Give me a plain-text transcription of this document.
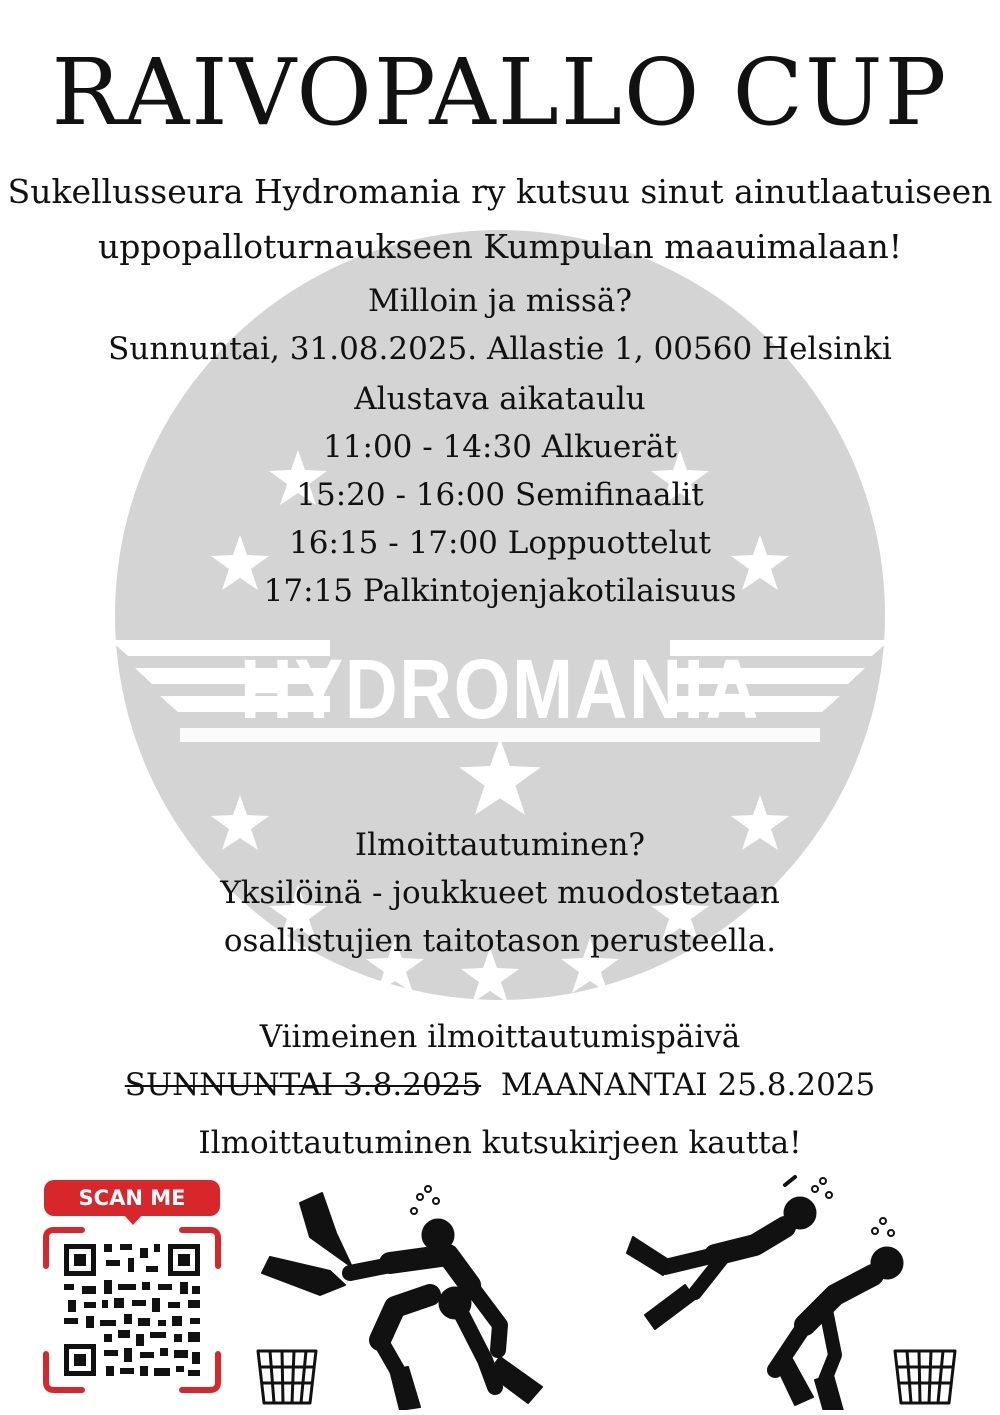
HYDROMANIA
RAIVOPALLO CUP
Sukellusseura Hydromania ry kutsuu sinut ainutlaatuiseen
uppopalloturnaukseen Kumpulan maauimalaan!
Milloin ja missä?
Sunnuntai, 31.08.2025. Allastie 1, 00560 Helsinki
Alustava aikataulu
11:00 - 14:30 Alkuerät
15:20 - 16:00 Semifinaalit
16:15 - 17:00 Loppuottelut
17:15 Palkintojenjakotilaisuus
Ilmoittautuminen?
Yksilöinä - joukkueet muodostetaan
osallistujien taitotason perusteella.
Viimeinen ilmoittautumispäivä
SUNNUNTAI 3.8.2025 MAANANTAI 25.8.2025
Ilmoittautuminen kutsukirjeen kautta!
SCAN ME
